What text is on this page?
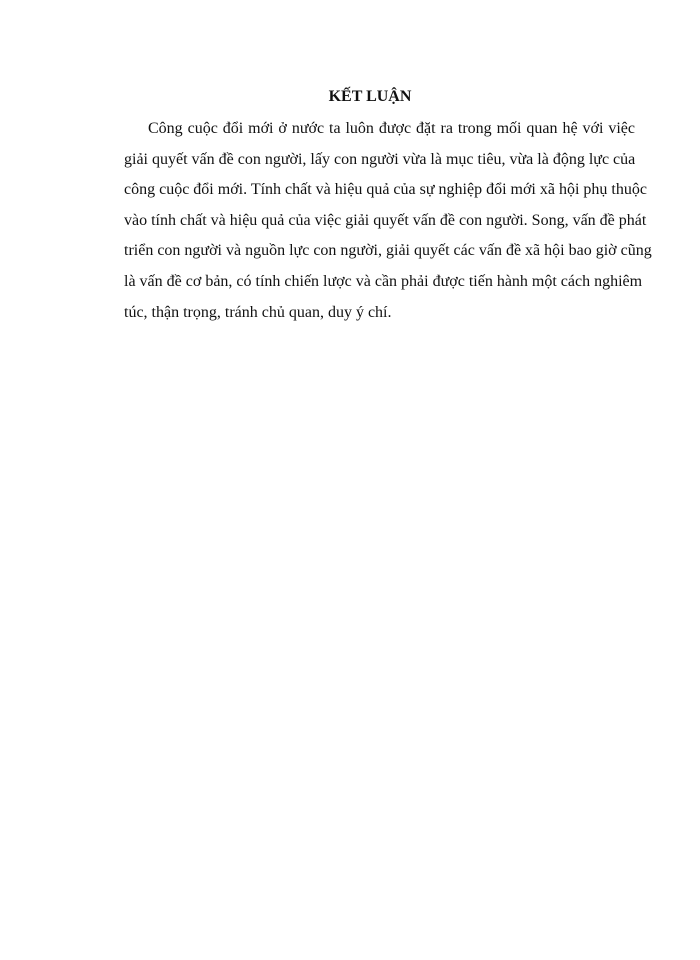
KẾT LUẬN
Công cuộc đổi mới ở nước ta luôn được đặt ra trong mối quan hệ với việc
giải quyết vấn đề con người, lấy con người vừa là mục tiêu, vừa là động lực của
công cuộc đổi mới. Tính chất và hiệu quả của sự nghiệp đổi mới xã hội phụ thuộc
vào tính chất và hiệu quả của việc giải quyết vấn đề con người. Song, vấn đề phát
triển con người và nguồn lực con người, giải quyết các vấn đề xã hội bao giờ cũng
là vấn đề cơ bản, có tính chiến lược và cần phải được tiến hành một cách nghiêm
túc, thận trọng, tránh chủ quan, duy ý chí.
